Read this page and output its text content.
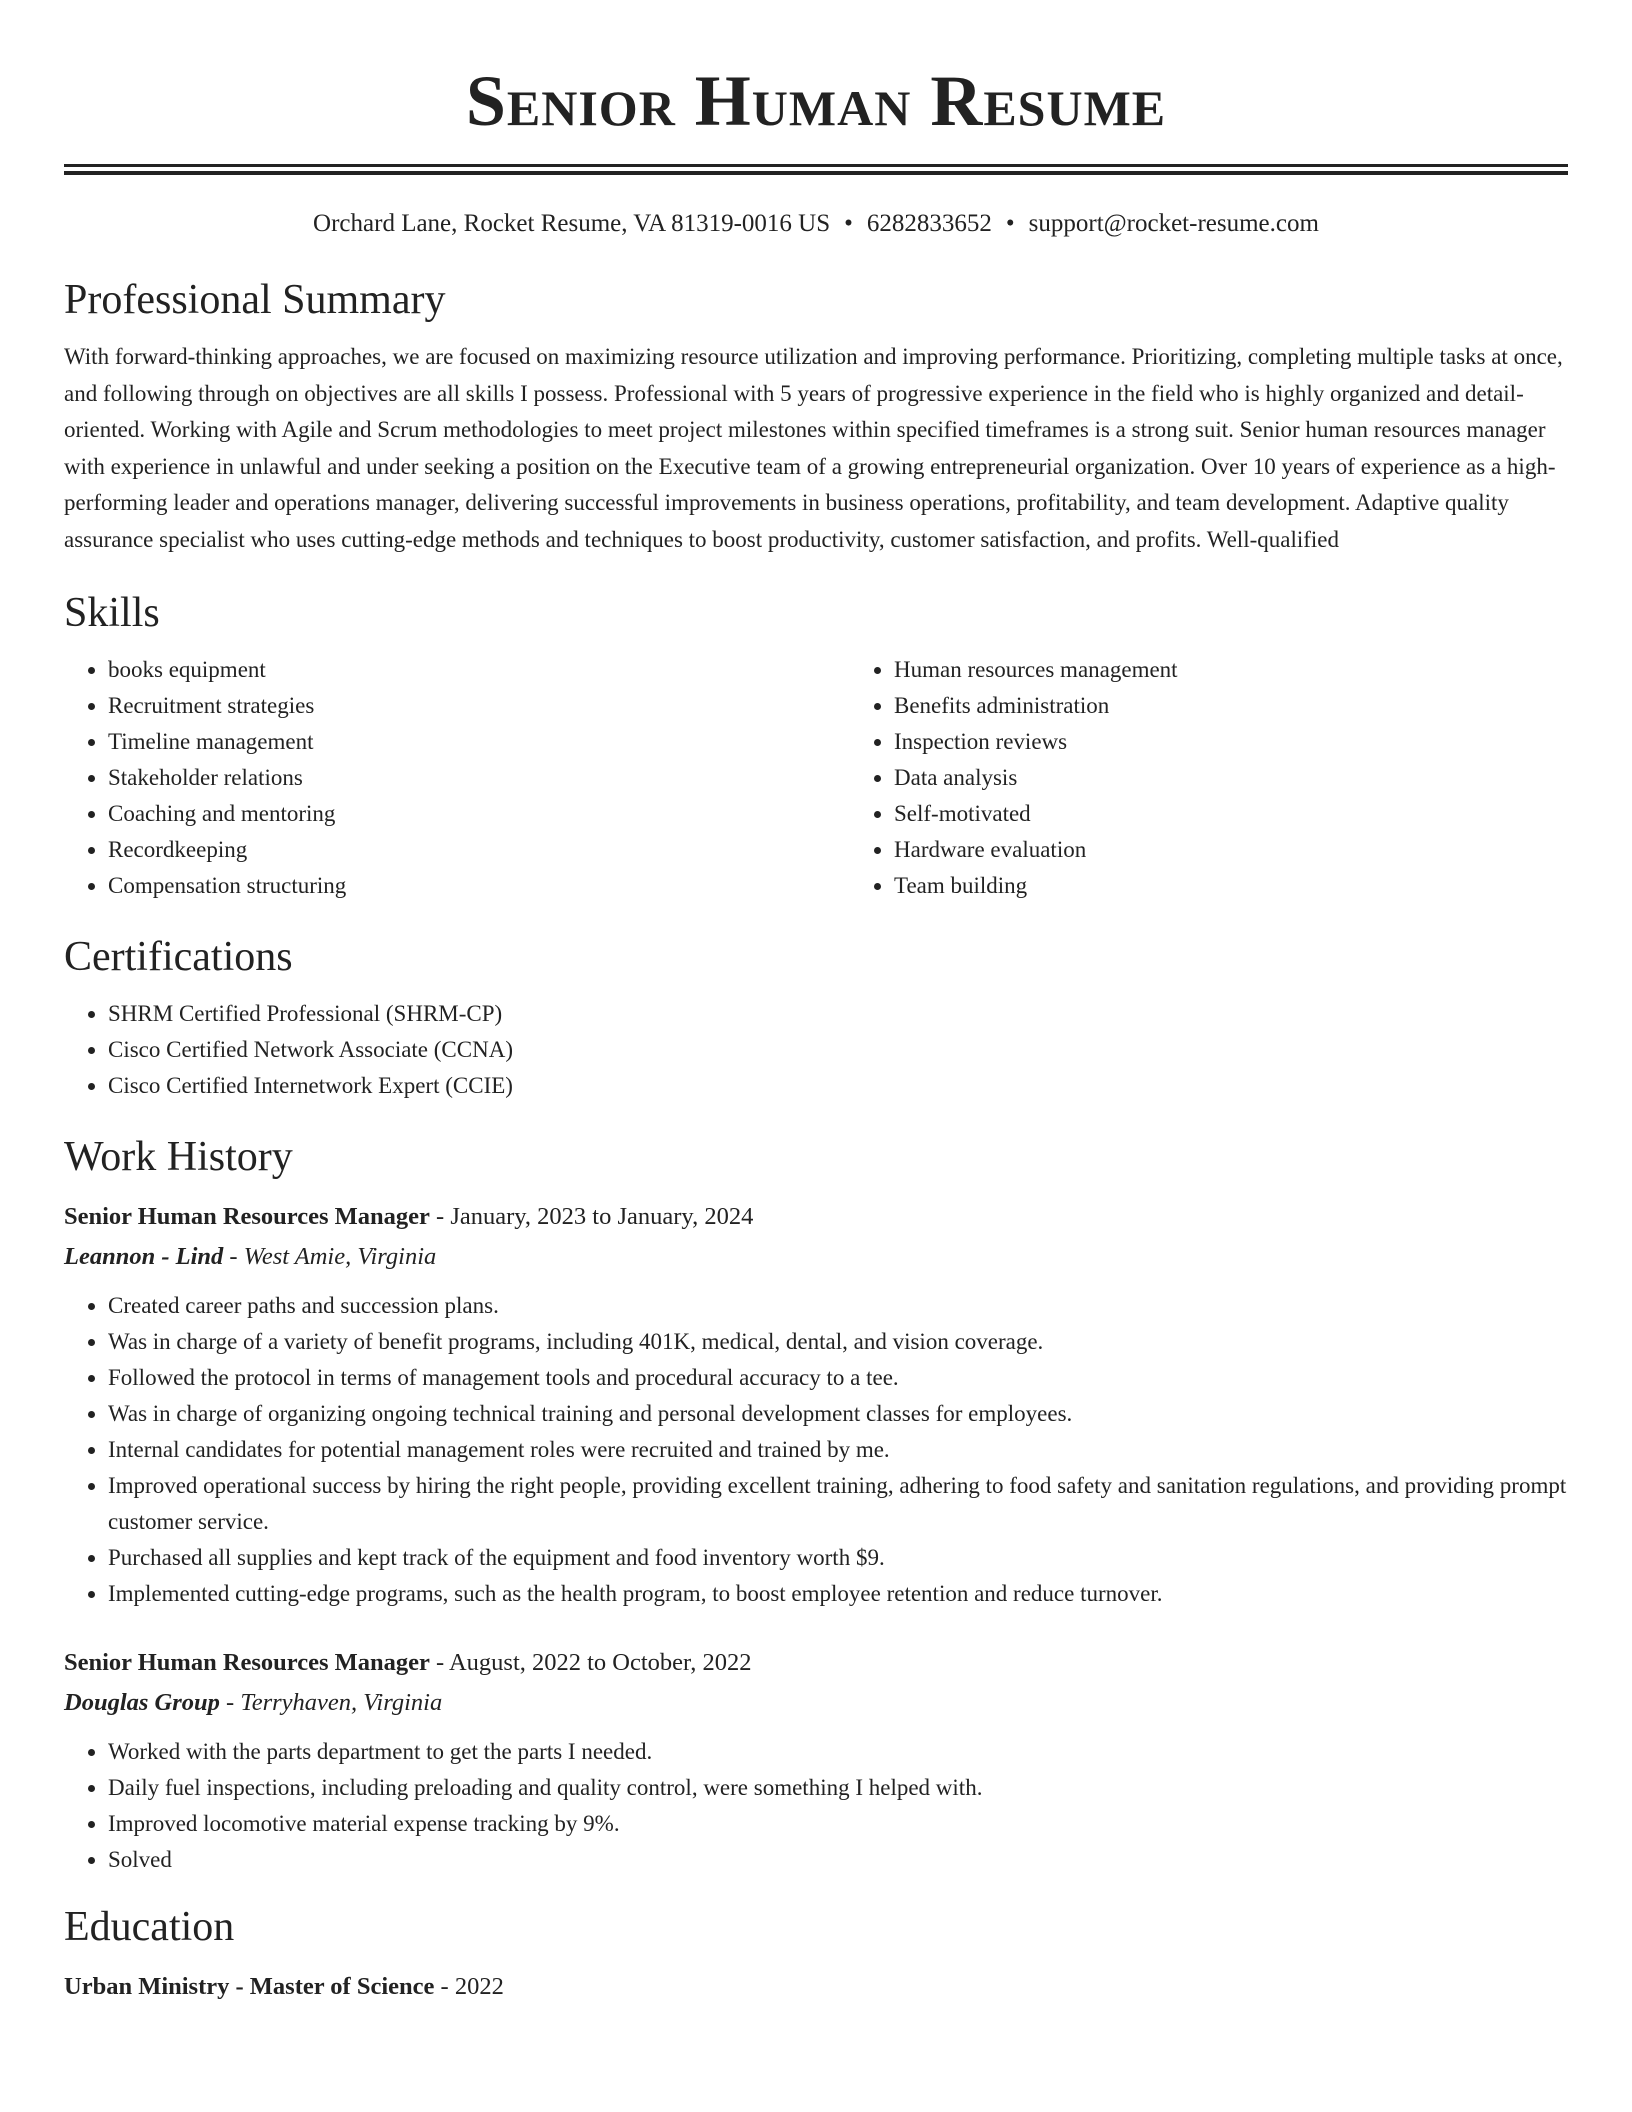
Senior Human Resume
Orchard Lane, Rocket Resume, VA 81319-0016 US • 6282833652 • support@rocket-resume.com
Professional Summary

With forward-thinking approaches, we are focused on maximizing resource utilization and improving performance. Prioritizing, completing multiple tasks at once, and following through on objectives are all skills I possess. Professional with 5 years of progressive experience in the field who is highly organized and detail-oriented. Working with Agile and Scrum methodologies to meet project milestones within specified timeframes is a strong suit. Senior human resources manager with experience in unlawful and under seeking a position on the Executive team of a growing entrepreneurial organization. Over 10 years of experience as a high-performing leader and operations manager, delivering successful improvements in business operations, profitability, and team development. Adaptive quality assurance specialist who uses cutting-edge methods and techniques to boost productivity, customer satisfaction, and profits. Well-qualified

Skills
• books equipment
• Recruitment strategies
• Timeline management
• Stakeholder relations
• Coaching and mentoring
• Recordkeeping
• Compensation structuring
• Human resources management
• Benefits administration
• Inspection reviews
• Data analysis
• Self-motivated
• Hardware evaluation
• Team building
Certifications
• SHRM Certified Professional (SHRM-CP)
• Cisco Certified Network Associate (CCNA)
• Cisco Certified Internetwork Expert (CCIE)
Work History
Senior Human Resources Manager - January, 2023 to January, 2024
Leannon - Lind - West Amie, Virginia
• Created career paths and succession plans.
• Was in charge of a variety of benefit programs, including 401K, medical, dental, and vision coverage.
• Followed the protocol in terms of management tools and procedural accuracy to a tee.
• Was in charge of organizing ongoing technical training and personal development classes for employees.
• Internal candidates for potential management roles were recruited and trained by me.
• Improved operational success by hiring the right people, providing excellent training, adhering to food safety and sanitation regulations, and providing prompt customer service.
• Purchased all supplies and kept track of the equipment and food inventory worth $9.
• Implemented cutting-edge programs, such as the health program, to boost employee retention and reduce turnover.
Senior Human Resources Manager - August, 2022 to October, 2022
Douglas Group - Terryhaven, Virginia
• Worked with the parts department to get the parts I needed.
• Daily fuel inspections, including preloading and quality control, were something I helped with.
• Improved locomotive material expense tracking by 9%.
• Solved
Education
Urban Ministry - Master of Science - 2022
